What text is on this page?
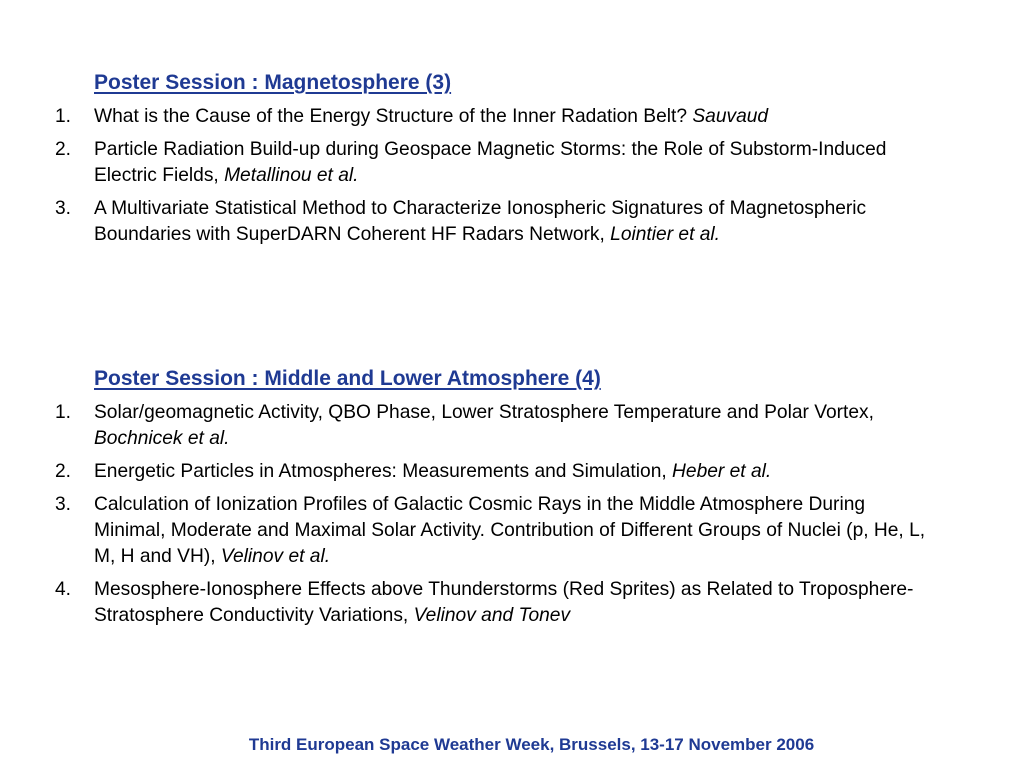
Poster Session : Magnetosphere (3)
1. What is the Cause of the Energy Structure of the Inner Radation Belt? Sauvaud
2. Particle Radiation Build-up during Geospace Magnetic Storms: the Role of Substorm-Induced Electric Fields, Metallinou et al.
3. A Multivariate Statistical Method to Characterize Ionospheric Signatures of Magnetospheric Boundaries with SuperDARN Coherent HF Radars Network, Lointier et al.
Poster Session : Middle and Lower Atmosphere (4)
1. Solar/geomagnetic Activity, QBO Phase, Lower Stratosphere Temperature and Polar Vortex, Bochnicek et al.
2. Energetic Particles in Atmospheres: Measurements and Simulation, Heber et al.
3. Calculation of Ionization Profiles of Galactic Cosmic Rays in the Middle Atmosphere During Minimal, Moderate and Maximal Solar Activity. Contribution of Different Groups of Nuclei (p, He, L, M, H and VH), Velinov et al.
4. Mesosphere-Ionosphere Effects above Thunderstorms (Red Sprites) as Related to Troposphere-Stratosphere Conductivity Variations, Velinov and Tonev
Third European Space Weather Week, Brussels, 13-17 November 2006
